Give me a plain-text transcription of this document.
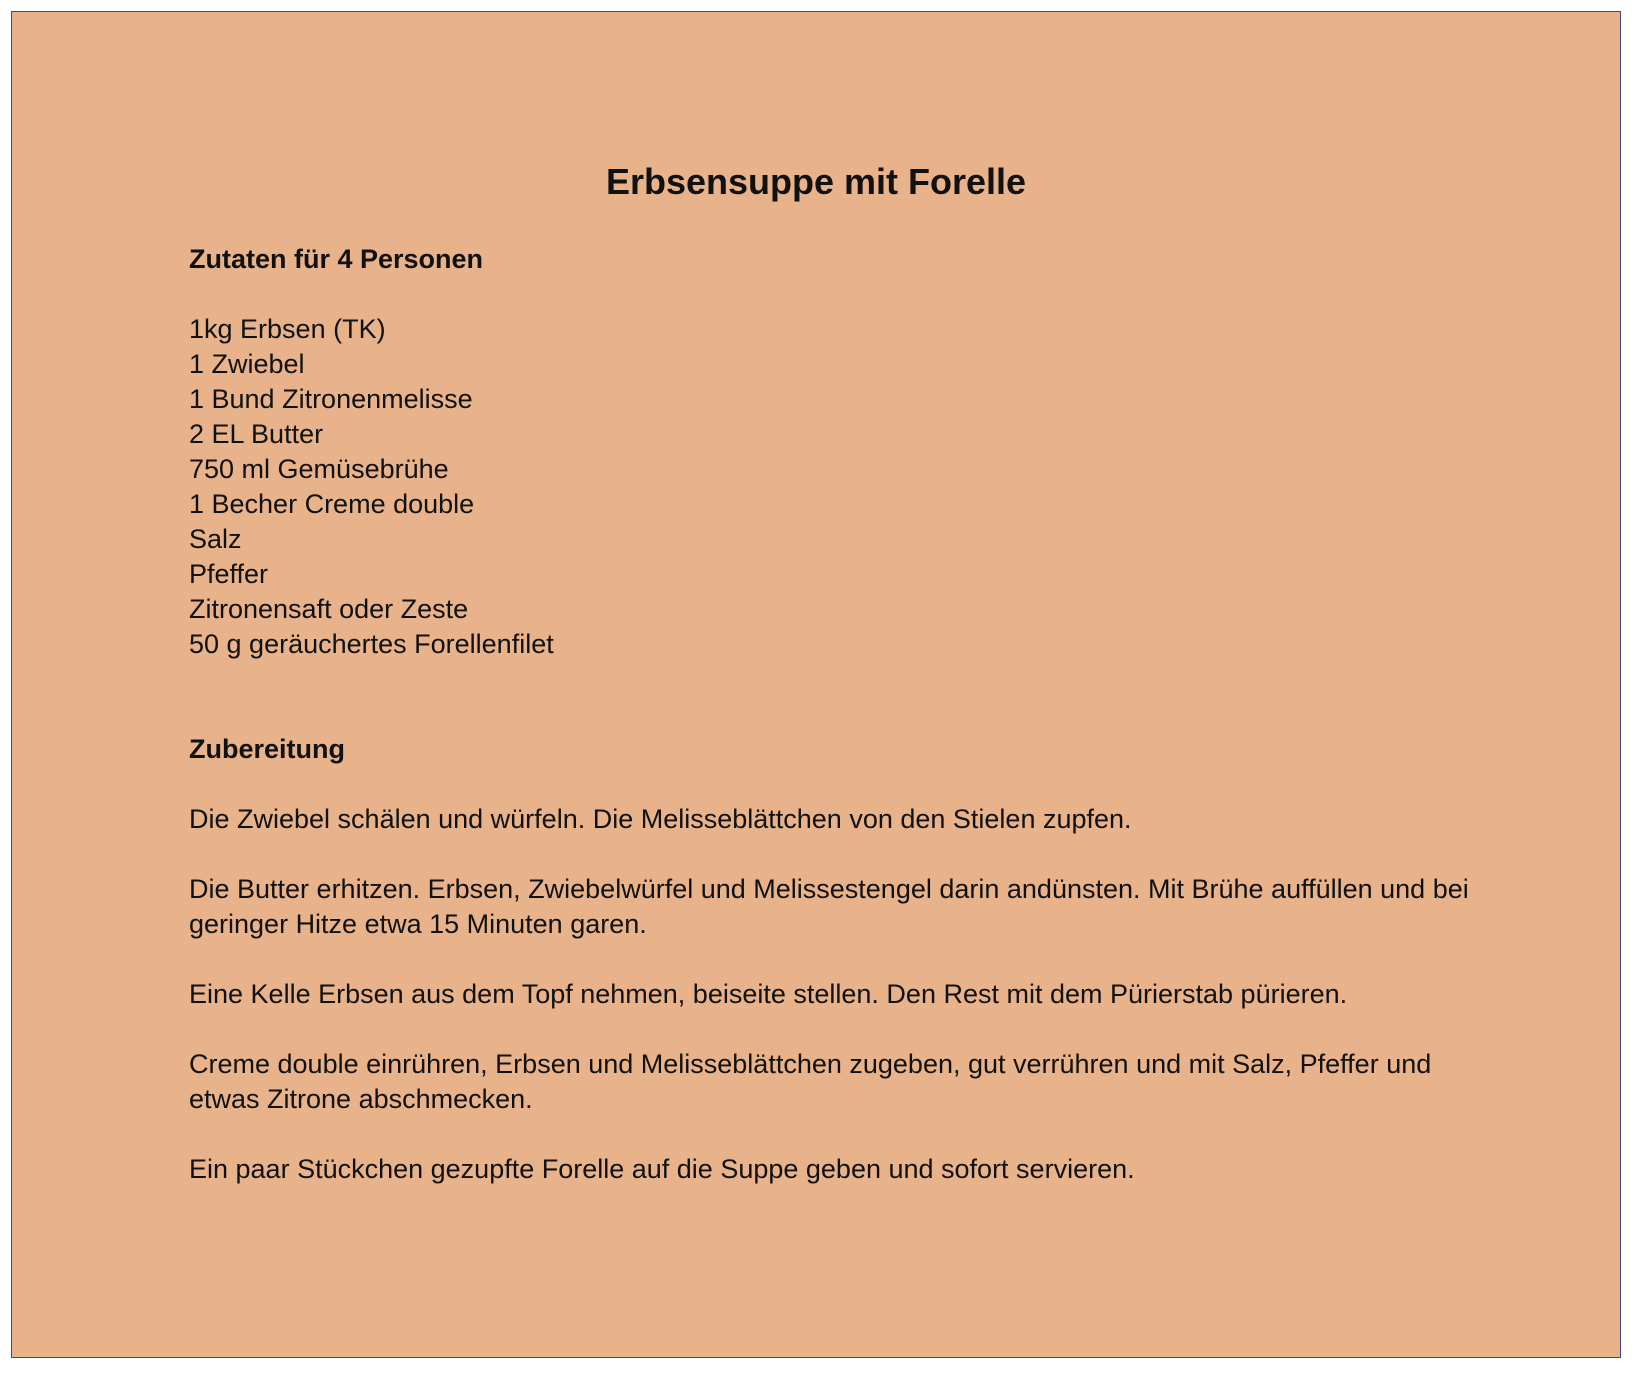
Erbsensuppe mit Forelle

Zutaten für 4 Personen

1kg Erbsen (TK)
1 Zwiebel
1 Bund Zitronenmelisse
2 EL Butter
750 ml Gemüsebrühe
1 Becher Creme double
Salz
Pfeffer
Zitronensaft oder Zeste
50 g geräuchertes Forellenfilet

Zubereitung

Die Zwiebel schälen und würfeln. Die Melisseblättchen von den Stielen zupfen.

Die Butter erhitzen. Erbsen, Zwiebelwürfel und Melissestengel darin andünsten. Mit Brühe auffüllen und bei geringer Hitze etwa 15 Minuten garen.

Eine Kelle Erbsen aus dem Topf nehmen, beiseite stellen. Den Rest mit dem Pürierstab pürieren.

Creme double einrühren, Erbsen und Melisseblättchen zugeben, gut verrühren und mit Salz, Pfeffer und etwas Zitrone abschmecken.

Ein paar Stückchen gezupfte Forelle auf die Suppe geben und sofort servieren.
